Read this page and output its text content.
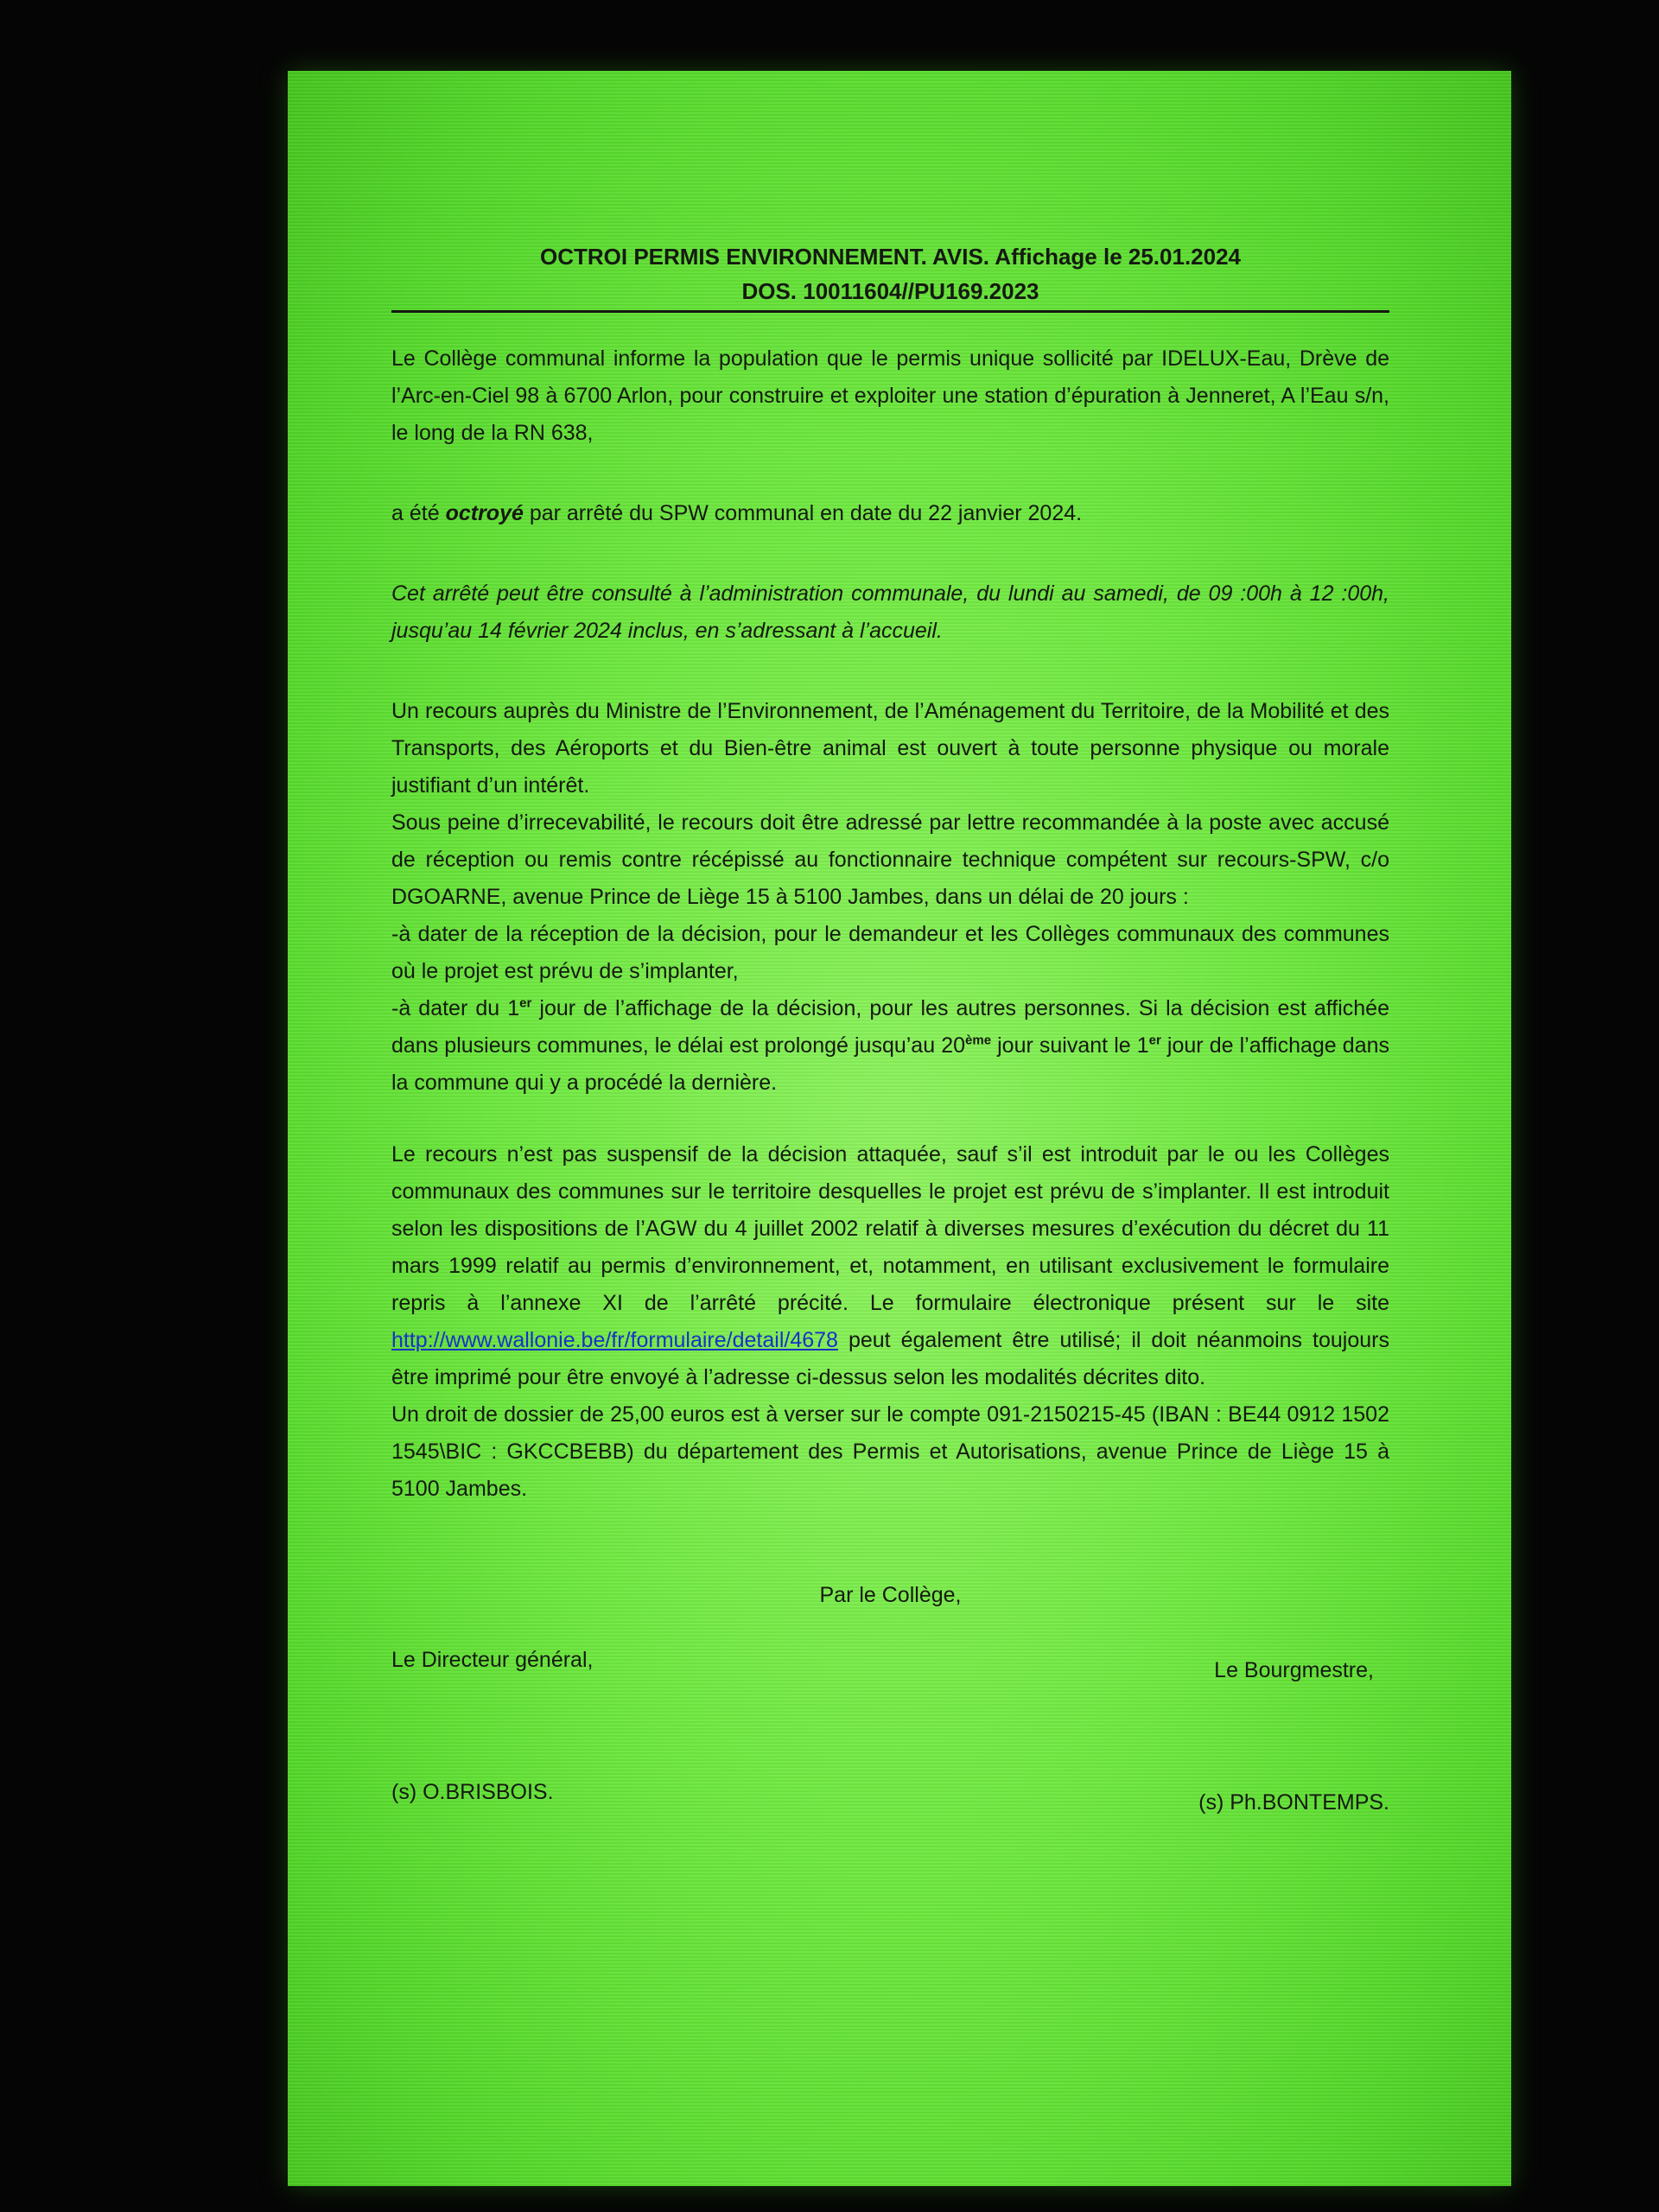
OCTROI PERMIS ENVIRONNEMENT. AVIS. Affichage le 25.01.2024
DOS. 10011604//PU169.2023

Le Collège communal informe la population que le permis unique sollicité par IDELUX-Eau, Drève de l’Arc-en-Ciel 98 à 6700 Arlon, pour construire et exploiter une station d’épuration à Jenneret, A l’Eau s/n, le long de la RN 638,

a été octroyé par arrêté du SPW communal en date du 22 janvier 2024.

Cet arrêté peut être consulté à l’administration communale, du lundi au samedi, de 09 :00h à 12 :00h, jusqu’au 14 février 2024 inclus, en s’adressant à l’accueil.

Un recours auprès du Ministre de l’Environnement, de l’Aménagement du Territoire, de la Mobilité et des Transports, des Aéroports et du Bien-être animal est ouvert à toute personne physique ou morale justifiant d’un intérêt.

Sous peine d’irrecevabilité, le recours doit être adressé par lettre recommandée à la poste avec accusé de réception ou remis contre récépissé au fonctionnaire technique compétent sur recours-SPW, c/o DGOARNE, avenue Prince de Liège 15 à 5100 Jambes, dans un délai de 20 jours :

-à dater de la réception de la décision, pour le demandeur et les Collèges communaux des communes où le projet est prévu de s’implanter,

-à dater du 1er jour de l’affichage de la décision, pour les autres personnes. Si la décision est affichée dans plusieurs communes, le délai est prolongé jusqu’au 20ème jour suivant le 1er jour de l’affichage dans la commune qui y a procédé la dernière.

Le recours n’est pas suspensif de la décision attaquée, sauf s’il est introduit par le ou les Collèges communaux des communes sur le territoire desquelles le projet est prévu de s’implanter. Il est introduit selon les dispositions de l’AGW du 4 juillet 2002 relatif à diverses mesures d’exécution du décret du 11 mars 1999 relatif au permis d’environnement, et, notamment, en utilisant exclusivement le formulaire repris à l’annexe XI de l’arrêté précité. Le formulaire électronique présent sur le site http://www.wallonie.be/fr/formulaire/detail/4678 peut également être utilisé; il doit néanmoins toujours être imprimé pour être envoyé à l’adresse ci-dessus selon les modalités décrites dito.

Un droit de dossier de 25,00 euros est à verser sur le compte 091-2150215-45 (IBAN : BE44 0912 1502 1545\BIC : GKCCBEBB) du département des Permis et Autorisations, avenue Prince de Liège 15 à 5100 Jambes.

Par le Collège,
Le Directeur général,	Le Bourgmestre,
(s) O.BRISBOIS.	(s) Ph.BONTEMPS.
